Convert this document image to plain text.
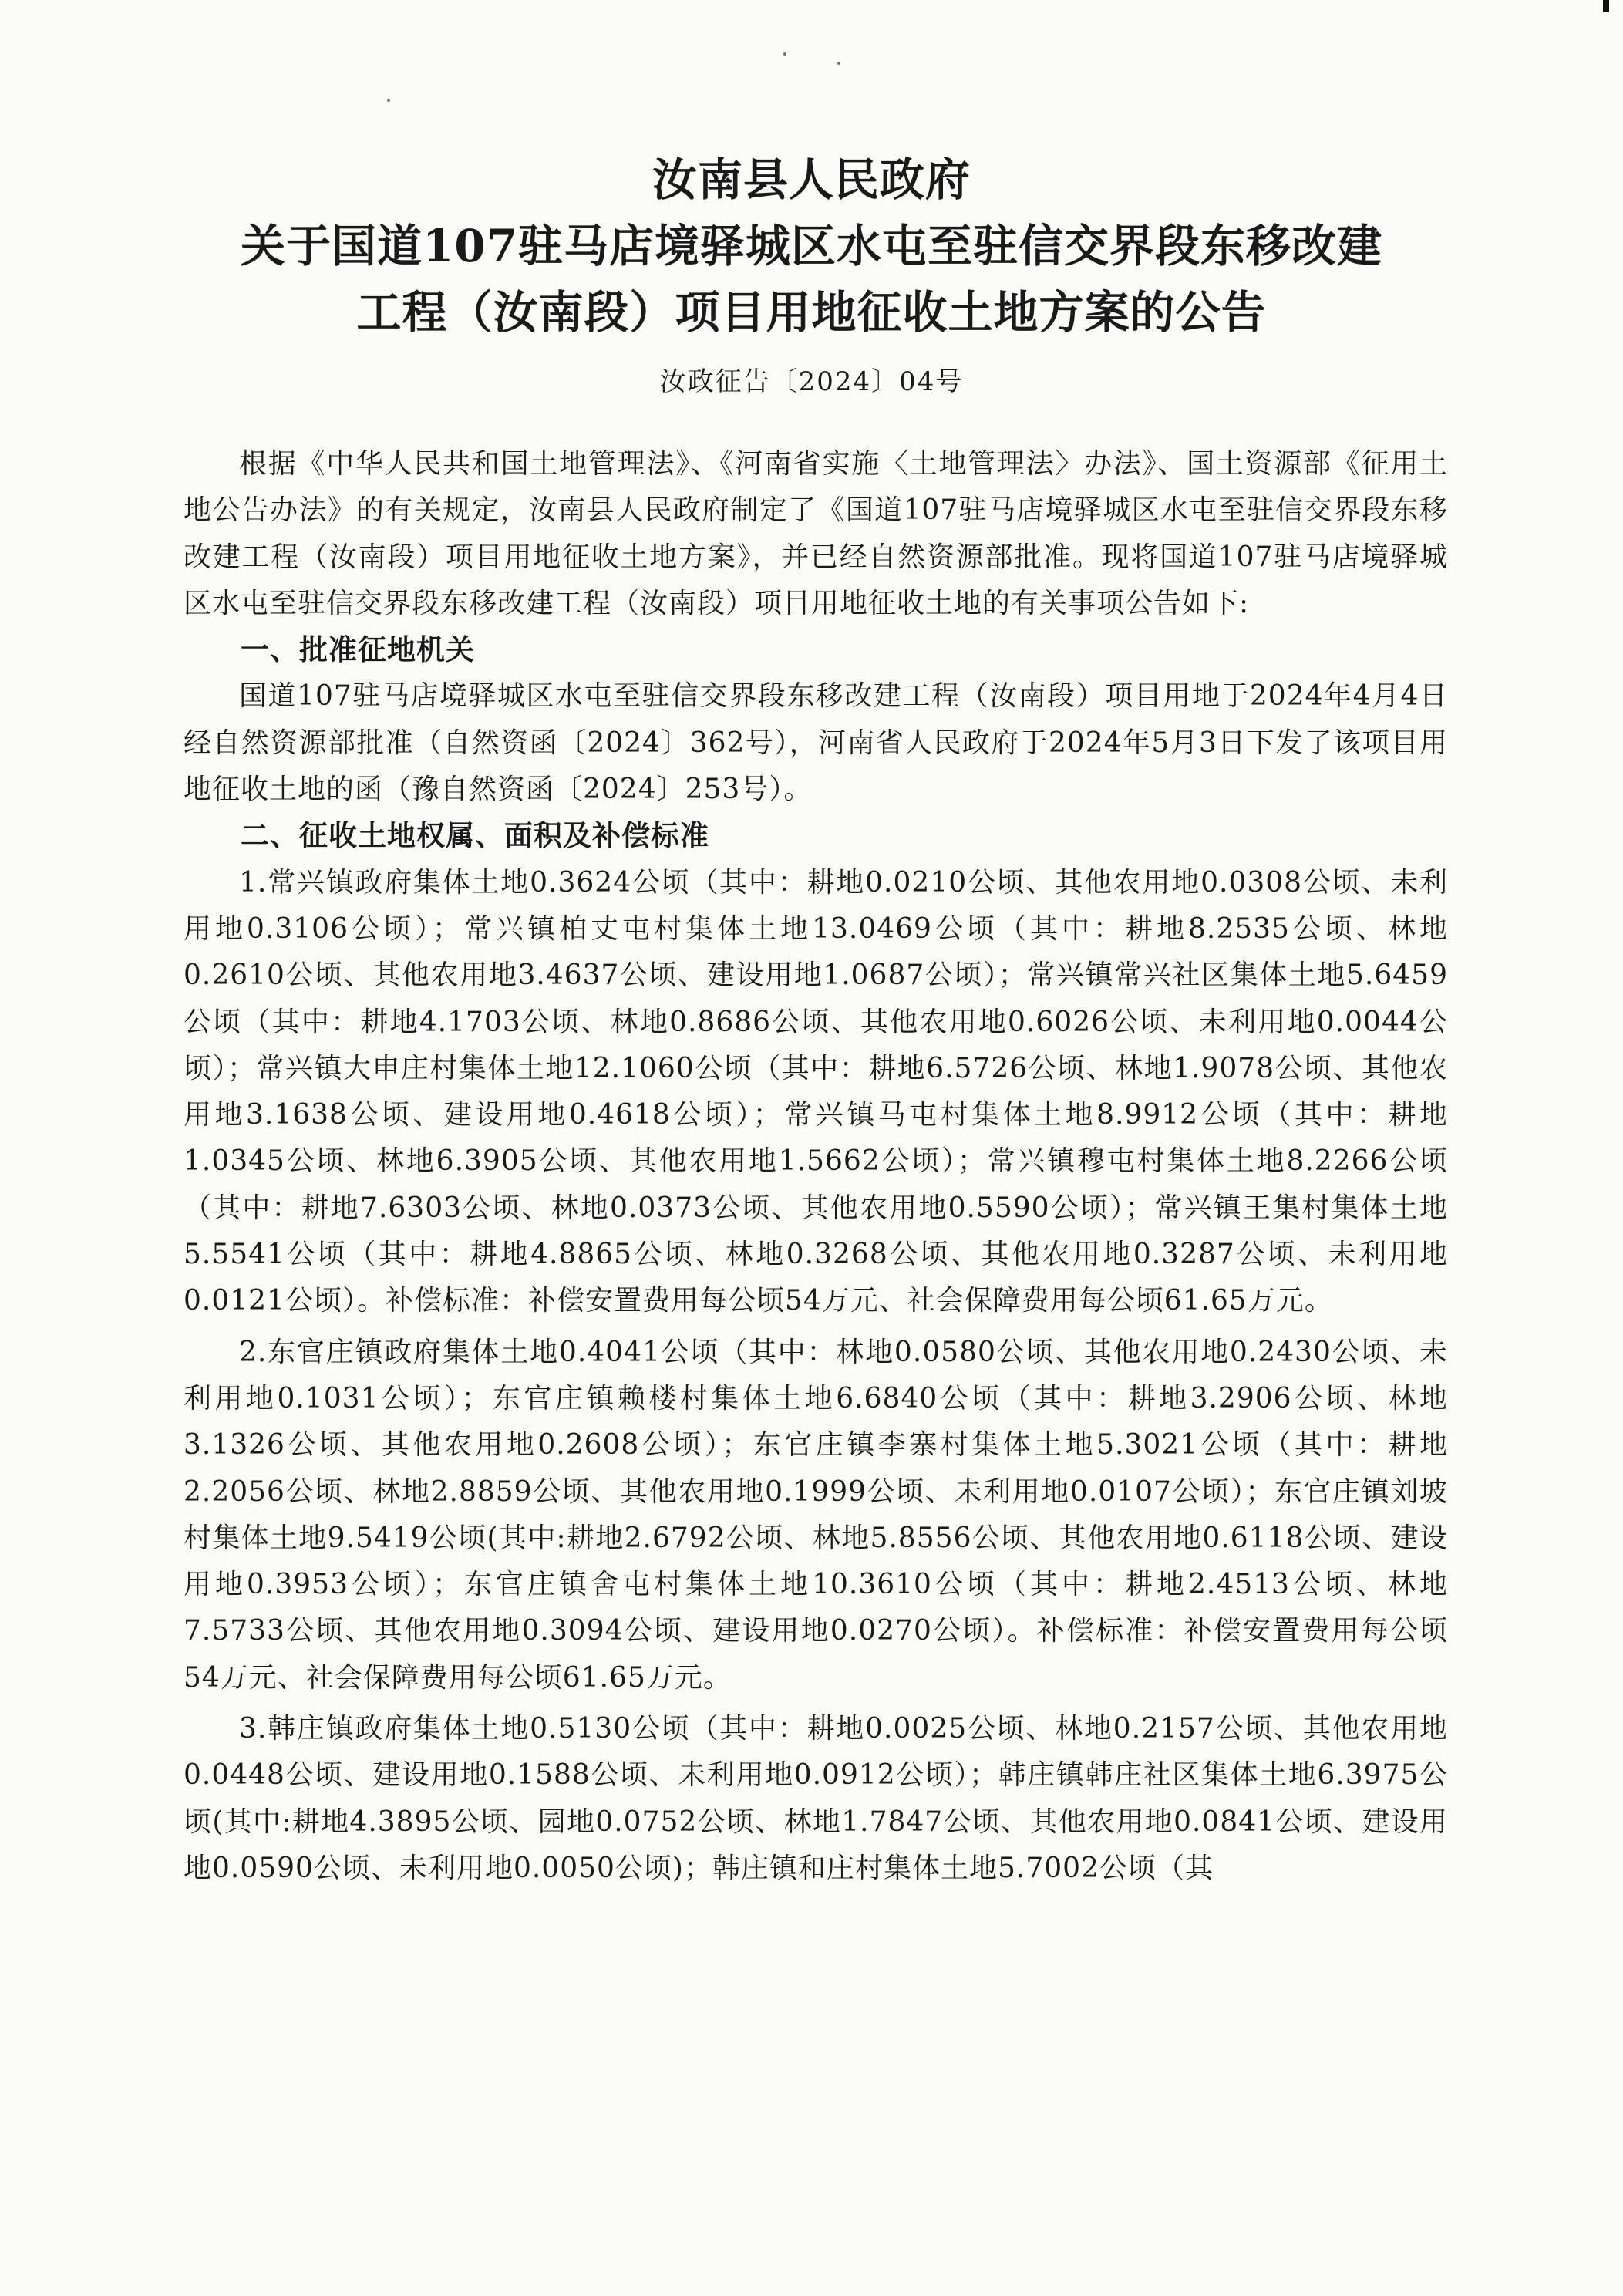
汝南县人民政府
关于国道107驻马店境驿城区水屯至驻信交界段东移改建
工程（汝南段）项目用地征收土地方案的公告
汝政征告〔2024〕04号

根据《中华人民共和国土地管理法》、《河南省实施〈土地管理法〉办法》、国土资源部《征用土地公告办法》的有关规定，汝南县人民政府制定了《国道107驻马店境驿城区水屯至驻信交界段东移改建工程（汝南段）项目用地征收土地方案》，并已经自然资源部批准。现将国道107驻马店境驿城区水屯至驻信交界段东移改建工程（汝南段）项目用地征收土地的有关事项公告如下:

一、批准征地机关

国道107驻马店境驿城区水屯至驻信交界段东移改建工程（汝南段）项目用地于2024年4月4日经自然资源部批准（自然资函〔2024〕362号），河南省人民政府于2024年5月3日下发了该项目用地征收土地的函（豫自然资函〔2024〕253号）。

二、征收土地权属、面积及补偿标准

1.常兴镇政府集体土地0.3624公顷（其中：耕地0.0210公顷、其他农用地0.0308公顷、未利用地0.3106公顷）；常兴镇柏丈屯村集体土地13.0469公顷（其中：耕地8.2535公顷、林地0.2610公顷、其他农用地3.4637公顷、建设用地1.0687公顷）；常兴镇常兴社区集体土地5.6459公顷（其中：耕地4.1703公顷、林地0.8686公顷、其他农用地0.6026公顷、未利用地0.0044公顷）；常兴镇大申庄村集体土地12.1060公顷（其中：耕地6.5726公顷、林地1.9078公顷、其他农用地3.1638公顷、建设用地0.4618公顷）；常兴镇马屯村集体土地8.9912公顷（其中：耕地1.0345公顷、林地6.3905公顷、其他农用地1.5662公顷）；常兴镇穆屯村集体土地8.2266公顷（其中：耕地7.6303公顷、林地0.0373公顷、其他农用地0.5590公顷）；常兴镇王集村集体土地5.5541公顷（其中：耕地4.8865公顷、林地0.3268公顷、其他农用地0.3287公顷、未利用地0.0121公顷）。补偿标准：补偿安置费用每公顷54万元、社会保障费用每公顷61.65万元。

2.东官庄镇政府集体土地0.4041公顷（其中：林地0.0580公顷、其他农用地0.2430公顷、未利用地0.1031公顷）；东官庄镇赖楼村集体土地6.6840公顷（其中：耕地3.2906公顷、林地3.1326公顷、其他农用地0.2608公顷）；东官庄镇李寨村集体土地5.3021公顷（其中：耕地2.2056公顷、林地2.8859公顷、其他农用地0.1999公顷、未利用地0.0107公顷）；东官庄镇刘坡村集体土地9.5419公顷(其中:耕地2.6792公顷、林地5.8556公顷、其他农用地0.6118公顷、建设用地0.3953公顷）；东官庄镇舍屯村集体土地10.3610公顷（其中：耕地2.4513公顷、林地7.5733公顷、其他农用地0.3094公顷、建设用地0.0270公顷）。补偿标准：补偿安置费用每公顷54万元、社会保障费用每公顷61.65万元。

3.韩庄镇政府集体土地0.5130公顷（其中：耕地0.0025公顷、林地0.2157公顷、其他农用地0.0448公顷、建设用地0.1588公顷、未利用地0.0912公顷）；韩庄镇韩庄社区集体土地6.3975公顷(其中:耕地4.3895公顷、园地0.0752公顷、林地1.7847公顷、其他农用地0.0841公顷、建设用地0.0590公顷、未利用地0.0050公顷)；韩庄镇和庄村集体土地5.7002公顷（其
